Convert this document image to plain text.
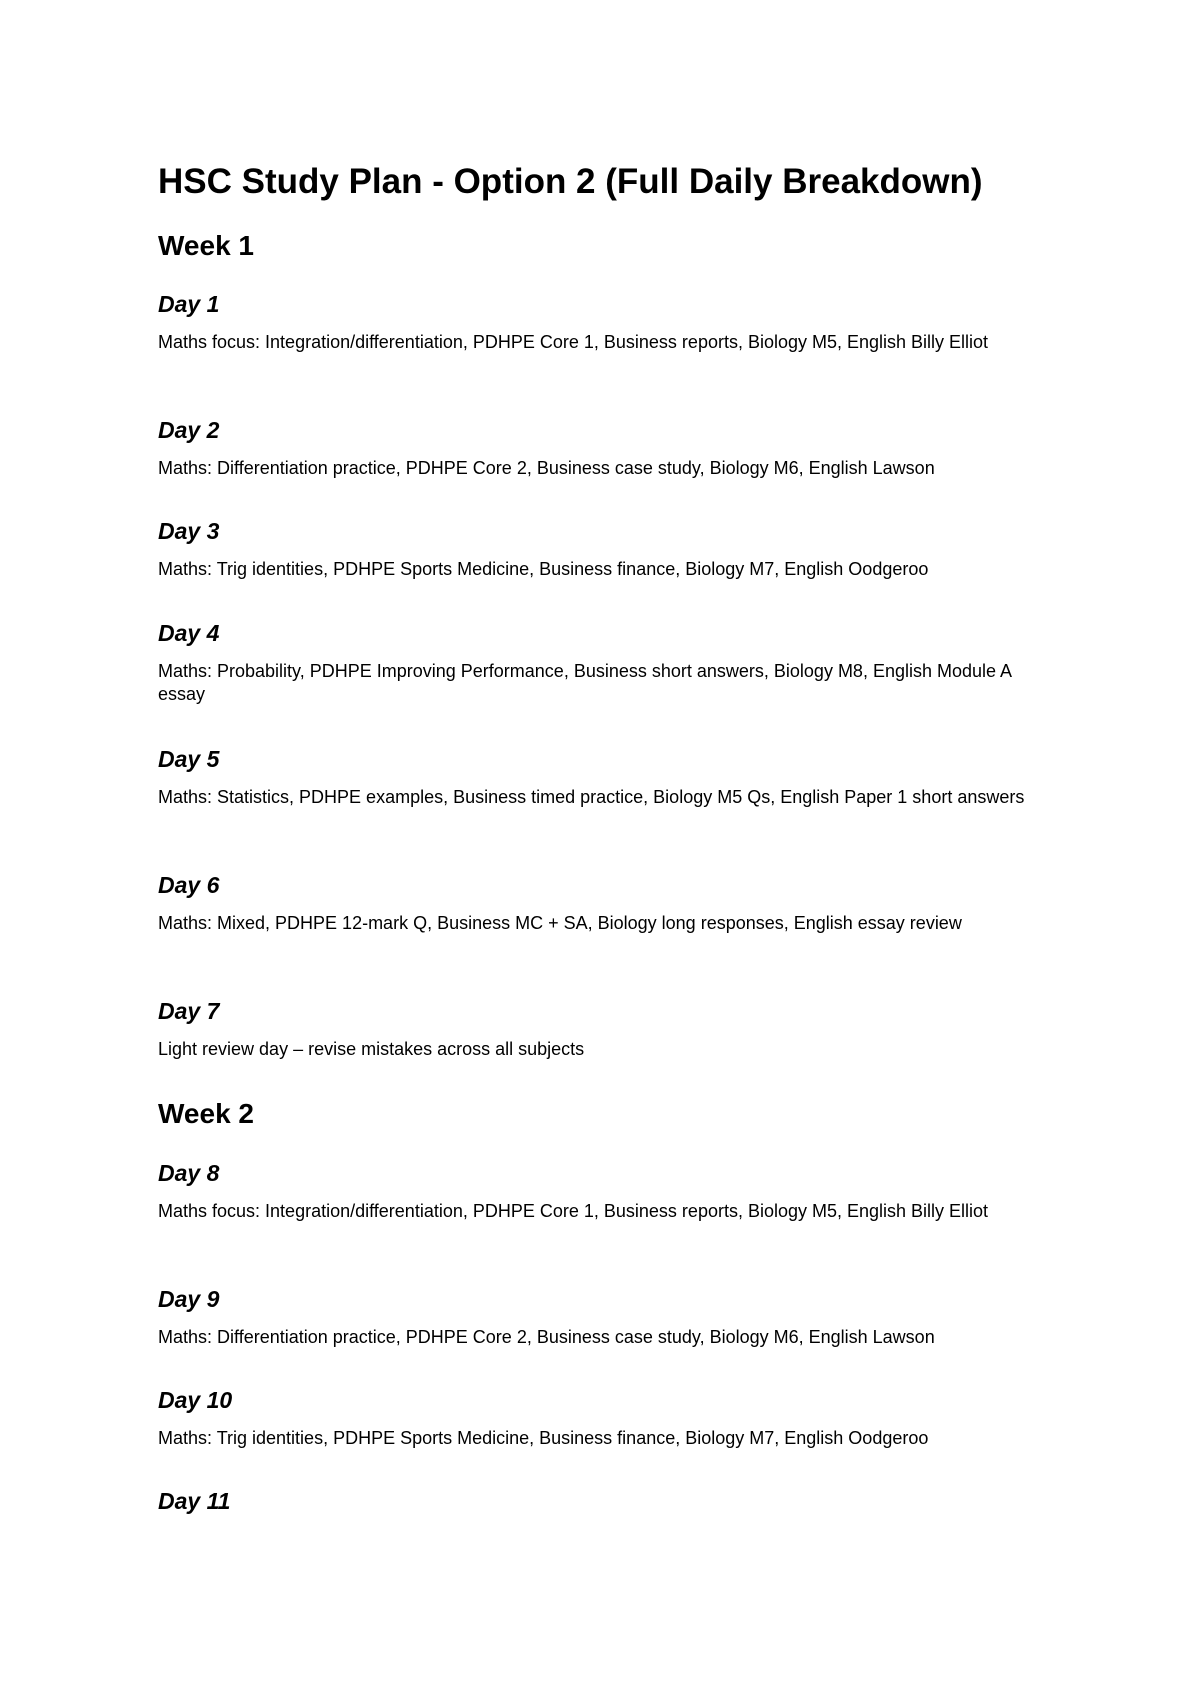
HSC Study Plan - Option 2 (Full Daily Breakdown)
Week 1
Day 1

Maths focus: Integration/differentiation, PDHPE Core 1, Business reports, Biology M5, English Billy Elliot

Day 2

Maths: Differentiation practice, PDHPE Core 2, Business case study, Biology M6, English Lawson

Day 3

Maths: Trig identities, PDHPE Sports Medicine, Business finance, Biology M7, English Oodgeroo

Day 4

Maths: Probability, PDHPE Improving Performance, Business short answers, Biology M8, English Module A essay

Day 5

Maths: Statistics, PDHPE examples, Business timed practice, Biology M5 Qs, English Paper 1 short answers

Day 6

Maths: Mixed, PDHPE 12-mark Q, Business MC + SA, Biology long responses, English essay review

Day 7

Light review day – revise mistakes across all subjects

Week 2
Day 8

Maths focus: Integration/differentiation, PDHPE Core 1, Business reports, Biology M5, English Billy Elliot

Day 9

Maths: Differentiation practice, PDHPE Core 2, Business case study, Biology M6, English Lawson

Day 10

Maths: Trig identities, PDHPE Sports Medicine, Business finance, Biology M7, English Oodgeroo

Day 11
